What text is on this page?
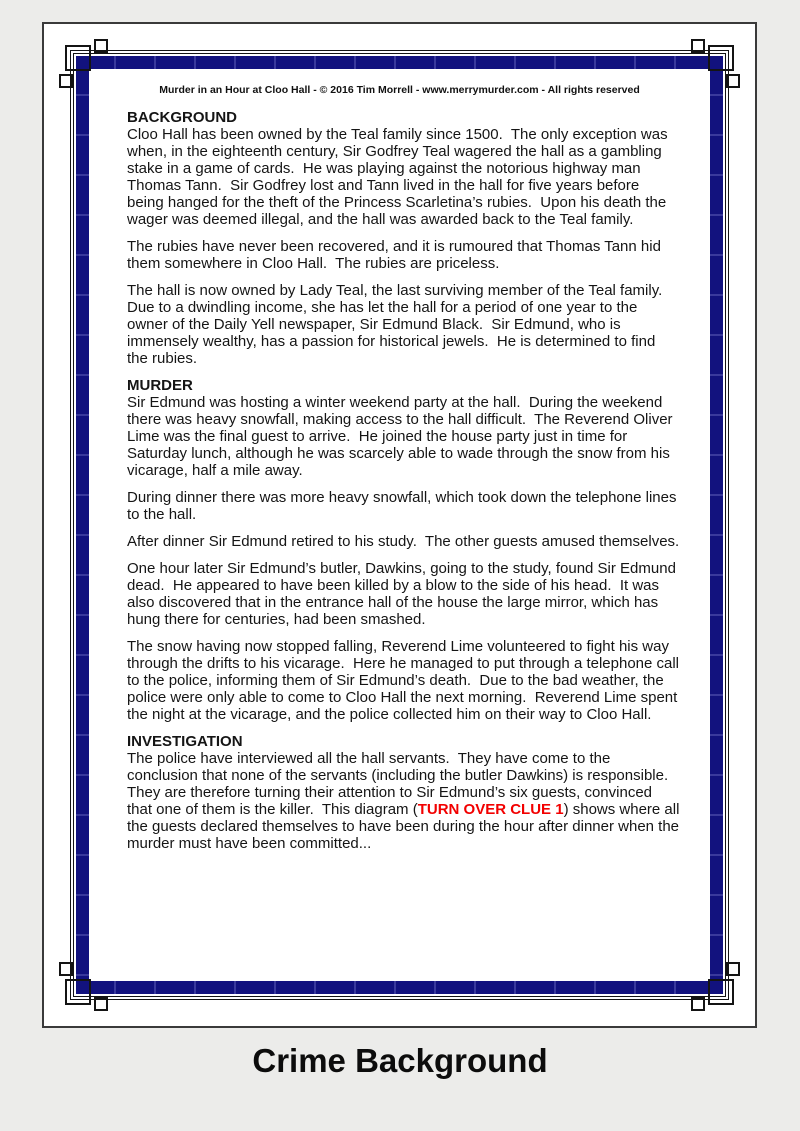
Murder in an Hour at Cloo Hall - © 2016 Tim Morrell - www.merrymurder.com - All rights reserved
BACKGROUND

Cloo Hall has been owned by the Teal family since 1500.  The only exception was when, in the eighteenth century, Sir Godfrey Teal wagered the hall as a gambling stake in a game of cards.  He was playing against the notorious highway man Thomas Tann.  Sir Godfrey lost and Tann lived in the hall for five years before being hanged for the theft of the Princess Scarletina’s rubies.  Upon his death the wager was deemed illegal, and the hall was awarded back to the Teal family.

The rubies have never been recovered, and it is rumoured that Thomas Tann hid them somewhere in Cloo Hall.  The rubies are priceless.

The hall is now owned by Lady Teal, the last surviving member of the Teal family.  Due to a dwindling income, she has let the hall for a period of one year to the owner of the Daily Yell newspaper, Sir Edmund Black.  Sir Edmund, who is immensely wealthy, has a passion for historical jewels.  He is determined to find the rubies.

MURDER

Sir Edmund was hosting a winter weekend party at the hall.  During the weekend there was heavy snowfall, making access to the hall difficult.  The Reverend Oliver Lime was the final guest to arrive.  He joined the house party just in time for Saturday lunch, although he was scarcely able to wade through the snow from his vicarage, half a mile away.

During dinner there was more heavy snowfall, which took down the telephone lines to the hall.

After dinner Sir Edmund retired to his study.  The other guests amused themselves.

One hour later Sir Edmund’s butler, Dawkins, going to the study, found Sir Edmund dead.  He appeared to have been killed by a blow to the side of his head.  It was also discovered that in the entrance hall of the house the large mirror, which has hung there for centuries, had been smashed.

The snow having now stopped falling, Reverend Lime volunteered to fight his way through the drifts to his vicarage.  Here he managed to put through a telephone call to the police, informing them of Sir Edmund’s death.  Due to the bad weather, the police were only able to come to Cloo Hall the next morning.  Reverend Lime spent the night at the vicarage, and the police collected him on their way to Cloo Hall.

INVESTIGATION

The police have interviewed all the hall servants.  They have come to the conclusion that none of the servants (including the butler Dawkins) is responsible.  They are therefore turning their attention to Sir Edmund’s six guests, convinced that one of them is the killer.  This diagram (TURN OVER CLUE 1) shows where all the guests declared themselves to have been during the hour after dinner when the murder must have been committed...

Crime Background
